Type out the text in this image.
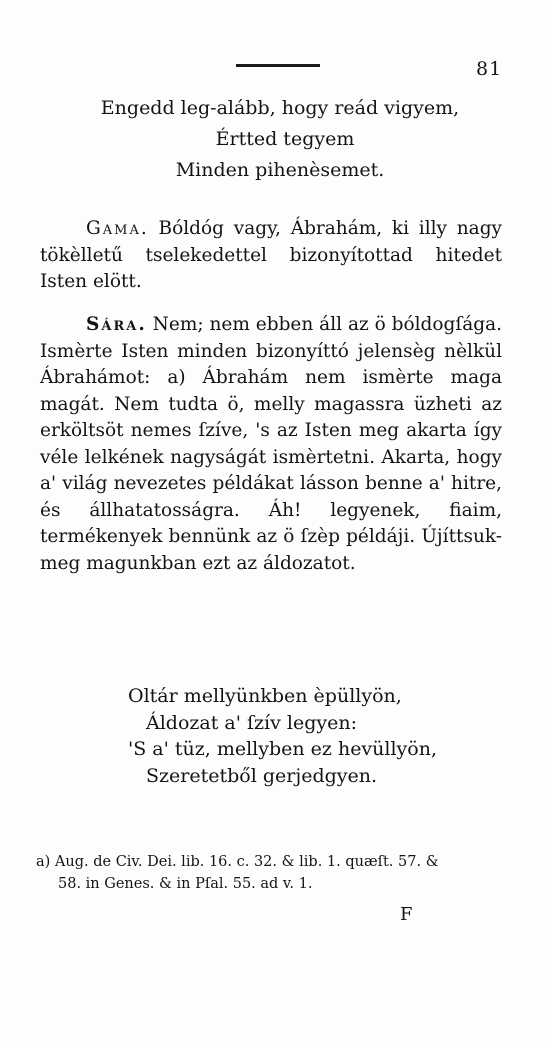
81
Engedd leg-alább, hogy reád vigyem,
Értted tegyem
Minden pihenèsemet.

Gama. Bóldóg vagy, Ábrahám, ki illy nagy tökèlletű tselekedettel bizonyítottad hitedet Isten elött.

Sára. Nem; nem ebben áll az ö bóldogſága. Ismèrte Isten minden bizonyíttó jelensèg nèlkül Ábrahámot: a) Ábrahám nem ismèrte maga magát. Nem tudta ö, melly magassra üzheti az erköltsöt nemes ſzíve, 's az Isten meg akarta így véle lelkének nagyságát ismèrtetni. Akarta, hogy a' világ nevezetes példákat lásson benne a' hitre, és állhatatosságra. Áh! legyenek, fiaim, termékenyek bennünk az ö ſzèp példáji. Újíttsuk-meg magunkban ezt az áldozatot.

Oltár mellyünkben èpüllyön,
Áldozat a' ſzív legyen:
'S a' tüz, mellyben ez hevüllyön,
Szeretetből gerjedgyen.
a) Aug. de Civ. Dei. lib. 16. c. 32. & lib. 1. quæſt. 57. &
58. in Genes. & in Pſal. 55. ad v. 1.
F
